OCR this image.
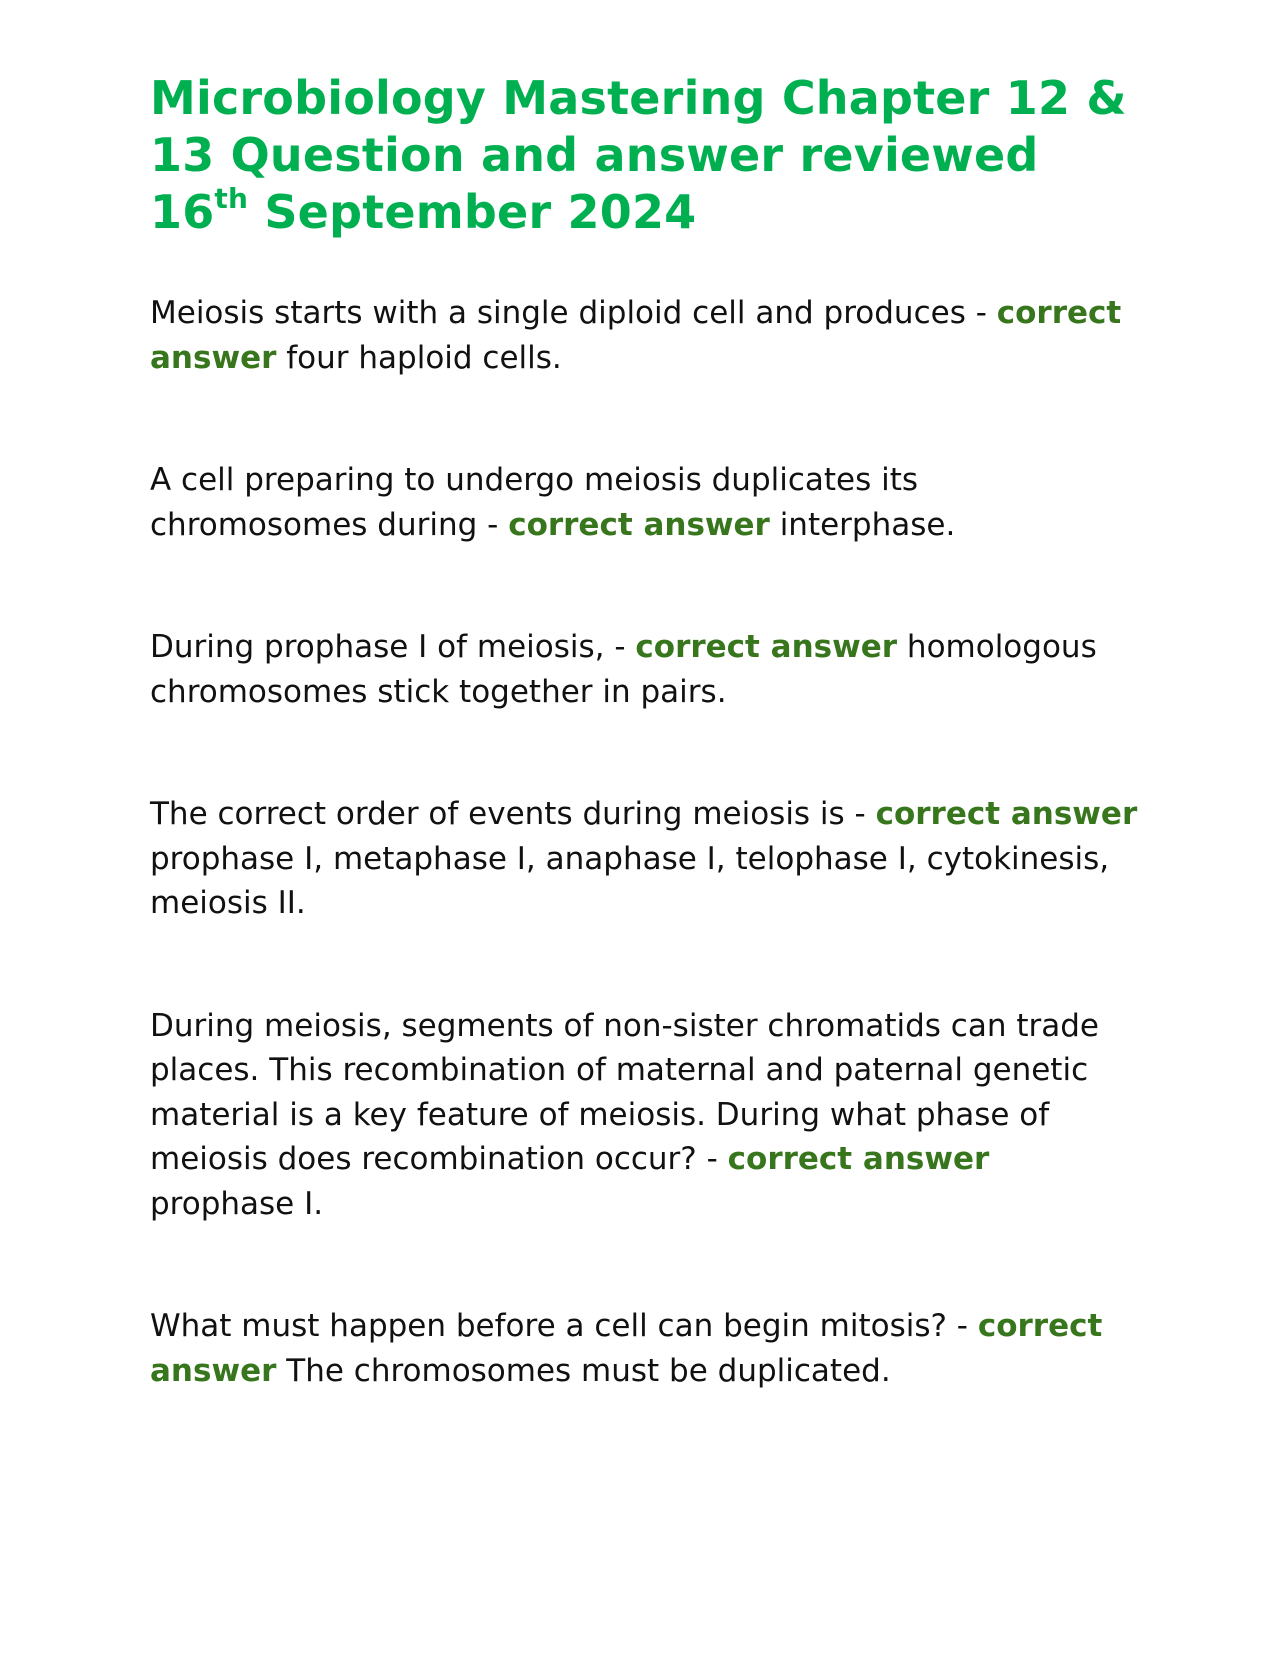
Microbiology Mastering Chapter 12 & 13 Question and answer reviewed 16th September 2024

Meiosis starts with a single diploid cell and produces - correct answer four haploid cells.

A cell preparing to undergo meiosis duplicates its chromosomes during - correct answer interphase.

During prophase I of meiosis, - correct answer homologous chromosomes stick together in pairs.

The correct order of events during meiosis is - correct answer prophase I, metaphase I, anaphase I, telophase I, cytokinesis, meiosis II.

During meiosis, segments of non-sister chromatids can trade places. This recombination of maternal and paternal genetic material is a key feature of meiosis. During what phase of meiosis does recombination occur? - correct answer prophase I.

What must happen before a cell can begin mitosis? - correct answer The chromosomes must be duplicated.
